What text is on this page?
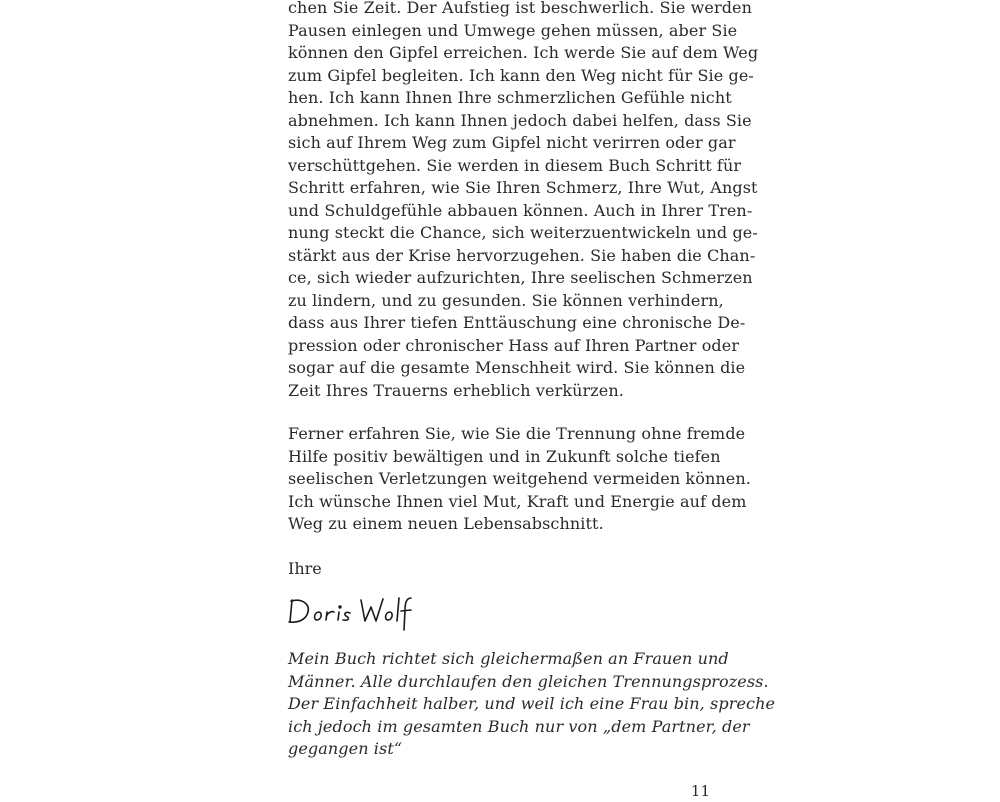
chen Sie Zeit. Der Aufstieg ist beschwerlich. Sie werden
Pausen einlegen und Umwege gehen müssen, aber Sie
können den Gipfel erreichen. Ich werde Sie auf dem Weg
zum Gipfel begleiten. Ich kann den Weg nicht für Sie ge-
hen. Ich kann Ihnen Ihre schmerzlichen Gefühle nicht
abnehmen. Ich kann Ihnen jedoch dabei helfen, dass Sie
sich auf Ihrem Weg zum Gipfel nicht verirren oder gar
verschüttgehen. Sie werden in diesem Buch Schritt für
Schritt erfahren, wie Sie Ihren Schmerz, Ihre Wut, Angst
und Schuldgefühle abbauen können. Auch in Ihrer Tren-
nung steckt die Chance, sich weiterzuentwickeln und ge-
stärkt aus der Krise hervorzugehen. Sie haben die Chan-
ce, sich wieder aufzurichten, Ihre seelischen Schmerzen
zu lindern, und zu gesunden. Sie können verhindern,
dass aus Ihrer tiefen Enttäuschung eine chronische De-
pression oder chronischer Hass auf Ihren Partner oder
sogar auf die gesamte Menschheit wird. Sie können die
Zeit Ihres Trauerns erheblich verkürzen.
Ferner erfahren Sie, wie Sie die Trennung ohne fremde
Hilfe positiv bewältigen und in Zukunft solche tiefen
seelischen Verletzungen weitgehend vermeiden können.
Ich wünsche Ihnen viel Mut, Kraft und Energie auf dem
Weg zu einem neuen Lebensabschnitt.
Ihre
Mein Buch richtet sich gleichermaßen an Frauen und
Männer. Alle durchlaufen den gleichen Trennungsprozess.
Der Einfachheit halber, und weil ich eine Frau bin, spreche
ich jedoch im gesamten Buch nur von „dem Partner, der
gegangen ist“
11
